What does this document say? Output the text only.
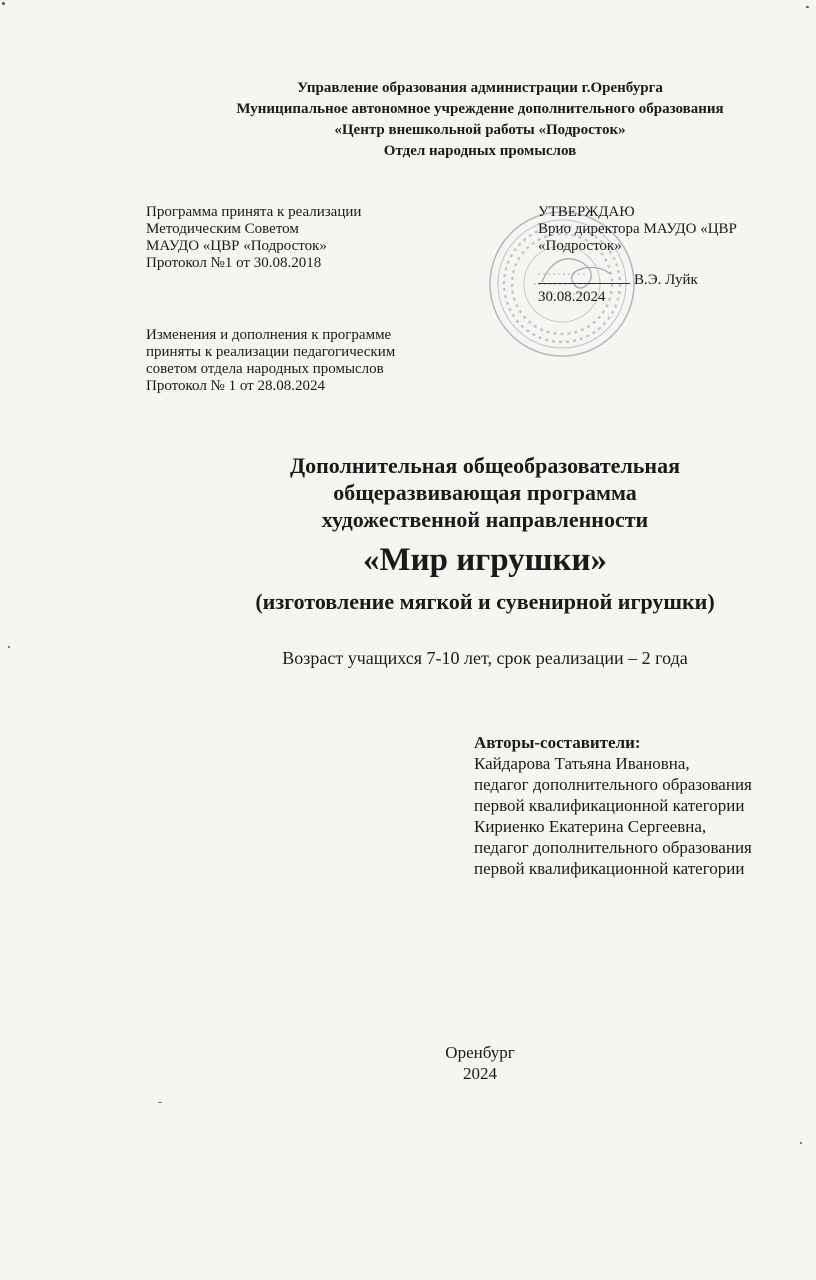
Управление образования администрации г.Оренбурга
Муниципальное автономное учреждение дополнительного образования
«Центр внешкольной работы «Подросток»
Отдел народных промыслов
Программа принята к реализации
Методическим Советом
МАУДО «ЦВР «Подросток»
Протокол №1 от 30.08.2018
Изменения и дополнения к программе
приняты к реализации педагогическим
советом отдела народных промыслов
Протокол № 1 от 28.08.2024
УТВЕРЖДАЮ
Врио директора МАУДО «ЦВР
«Подросток»
В.Э. Луйк
30.08.2024
Дополнительная общеобразовательная
общеразвивающая программа
художественной направленности
«Мир игрушки»
(изготовление мягкой и сувенирной игрушки)
Возраст учащихся 7-10 лет, срок реализации – 2 года
Авторы-составители:
Кайдарова Татьяна Ивановна,
педагог дополнительного образования
первой квалификационной категории
Кириенко Екатерина Сергеевна,
педагог дополнительного образования
первой квалификационной категории
Оренбург
2024
